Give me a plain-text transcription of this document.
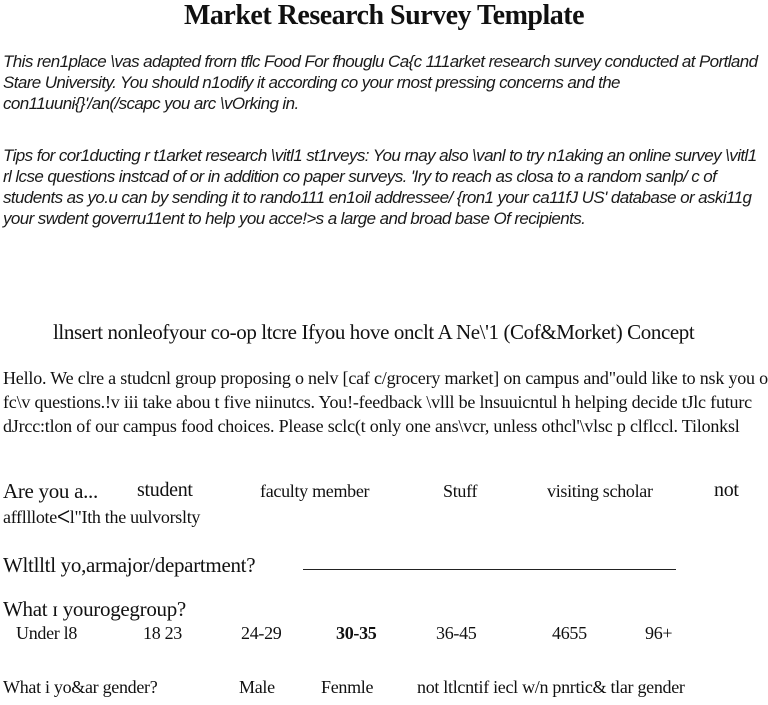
Market Research Survey Template
This ren1place \vas adapted frorn tflc Food For fhouglu Ca{c 111arket research survey conducted at Portland Stare University. You should n1odify it according co your rnost pressing concerns and the con11uuni{}'/an(/scapc you arc \vOrking in.
Tips for cor1ducting r t1arket research \vitl1 st1rveys: You rnay also \vanl to try n1aking an online survey \vitl1 rl lcse questions instcad of or in addition co paper surveys. 'Iry to reach as closa to a random sanlp/ c of students as yo.u can by sending it to rando111 en1oil addressee/ {ron1 your ca11fJ US' database or aski11g your swdent goverru11ent to help you acce!>s a large and broad base Of recipients.
llnsert nonleofyour co-op ltcre Ifyou hove onclt A Ne\'1 (Cof&Morket) Concept
Hello. We clre a studcnl group proposing o nelv [caf c/grocery market] on campus and"ould like to nsk you o fc\v questions.!v iii take abou t five niinutcs. You!-feedback \vlll be lnsuuicntul h helping decide tJlc futurc dJrcc:tlon of our campus food choices. Please sclc(t only one ans\vcr, unless othcl'\vlsc p clflccl. Tilonksl
Are you a... student	faculty member	Stuff	visiting scholar	not
affllloteᐸl"Ith the uulvorslty
Wltlltl yo,armajor/department?
What ɪ yourogegroup?
Under l8	18 23	24-29	30-35	36-45	4655	96+
What i yo&ar gender?	Male	Fenmle not ltlcntif iecl w/n pnrtic& tlar gender
